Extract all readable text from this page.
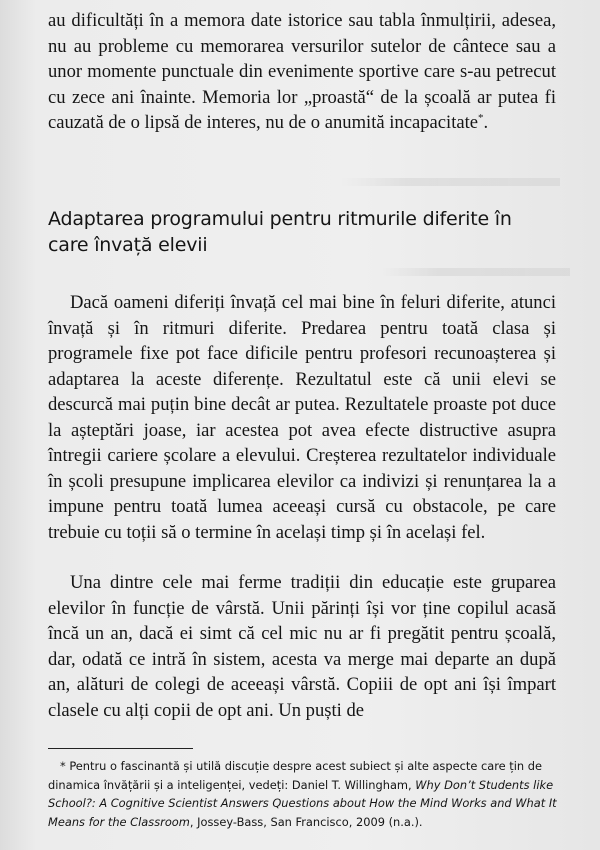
au dificultăți în a memora date istorice sau tabla înmulțirii, adesea, nu au probleme cu memorarea versurilor sutelor de cântece sau a unor momente punctuale din evenimente sportive care s-au petrecut cu zece ani înainte. Memoria lor „proastă“ de la școală ar putea fi cauzată de o lipsă de interes, nu de o anumită incapacitate*.

Adaptarea programului pentru ritmurile diferite în care învață elevii

Dacă oameni diferiți învață cel mai bine în feluri diferite, atunci învață și în ritmuri diferite. Predarea pentru toată clasa și programele fixe pot face dificile pentru profesori recunoașterea și adaptarea la aceste diferențe. Rezultatul este că unii elevi se descurcă mai puțin bine decât ar putea. Rezultatele proaste pot duce la așteptări joase, iar acestea pot avea efecte distructive asupra întregii cariere școlare a elevului. Creșterea rezultatelor individuale în școli presupune implicarea elevilor ca indivizi și renunțarea la a impune pentru toată lumea aceeași cursă cu obstacole, pe care trebuie cu toții să o termine în același timp și în același fel.

Una dintre cele mai ferme tradiții din educație este gruparea elevilor în funcție de vârstă. Unii părinți își vor ține copilul acasă încă un an, dacă ei simt că cel mic nu ar fi pregătit pentru școală, dar, odată ce intră în sistem, acesta va merge mai departe an după an, alături de colegi de aceeași vârstă. Copiii de opt ani își împart clasele cu alți copii de opt ani. Un puști de

* Pentru o fascinantă și utilă discuție despre acest subiect și alte aspecte care țin de dinamica învățării și a inteligenței, vedeți: Daniel T. Willingham, Why Don’t Students like School?: A Cognitive Scientist Answers Questions about How the Mind Works and What It Means for the Classroom, Jossey-Bass, San Francisco, 2009 (n.a.).
